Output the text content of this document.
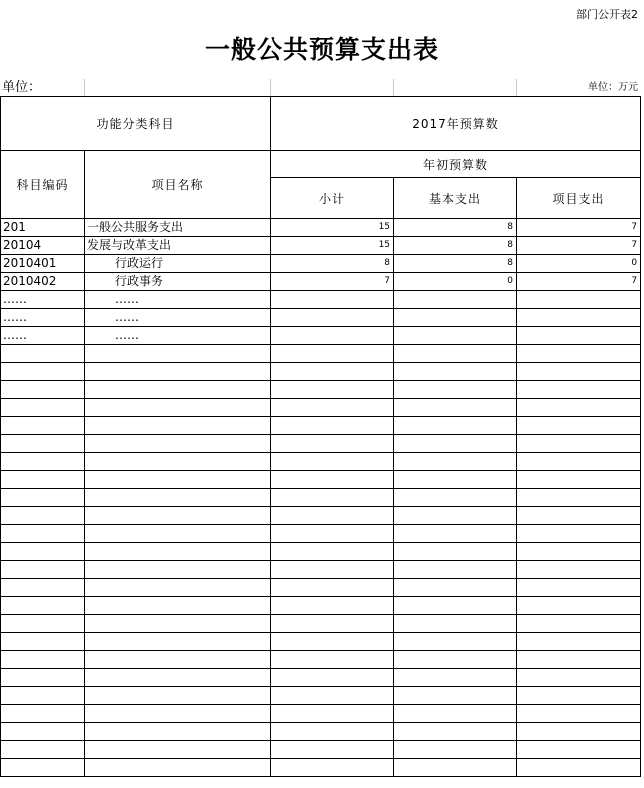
部门公开表2
一般公共预算支出表
单位：	单位：万元
功能分类科目		2017年预算数		
科目编码	项目名称	年初预算数		
		小计	基本支出	项目支出
201	一般公共服务支出	15	8	7
20104	发展与改革支出	15	8	7
2010401	行政运行	8	8	0
2010402	行政事务	7	0	7
……	……			
……	……			
……	……			
